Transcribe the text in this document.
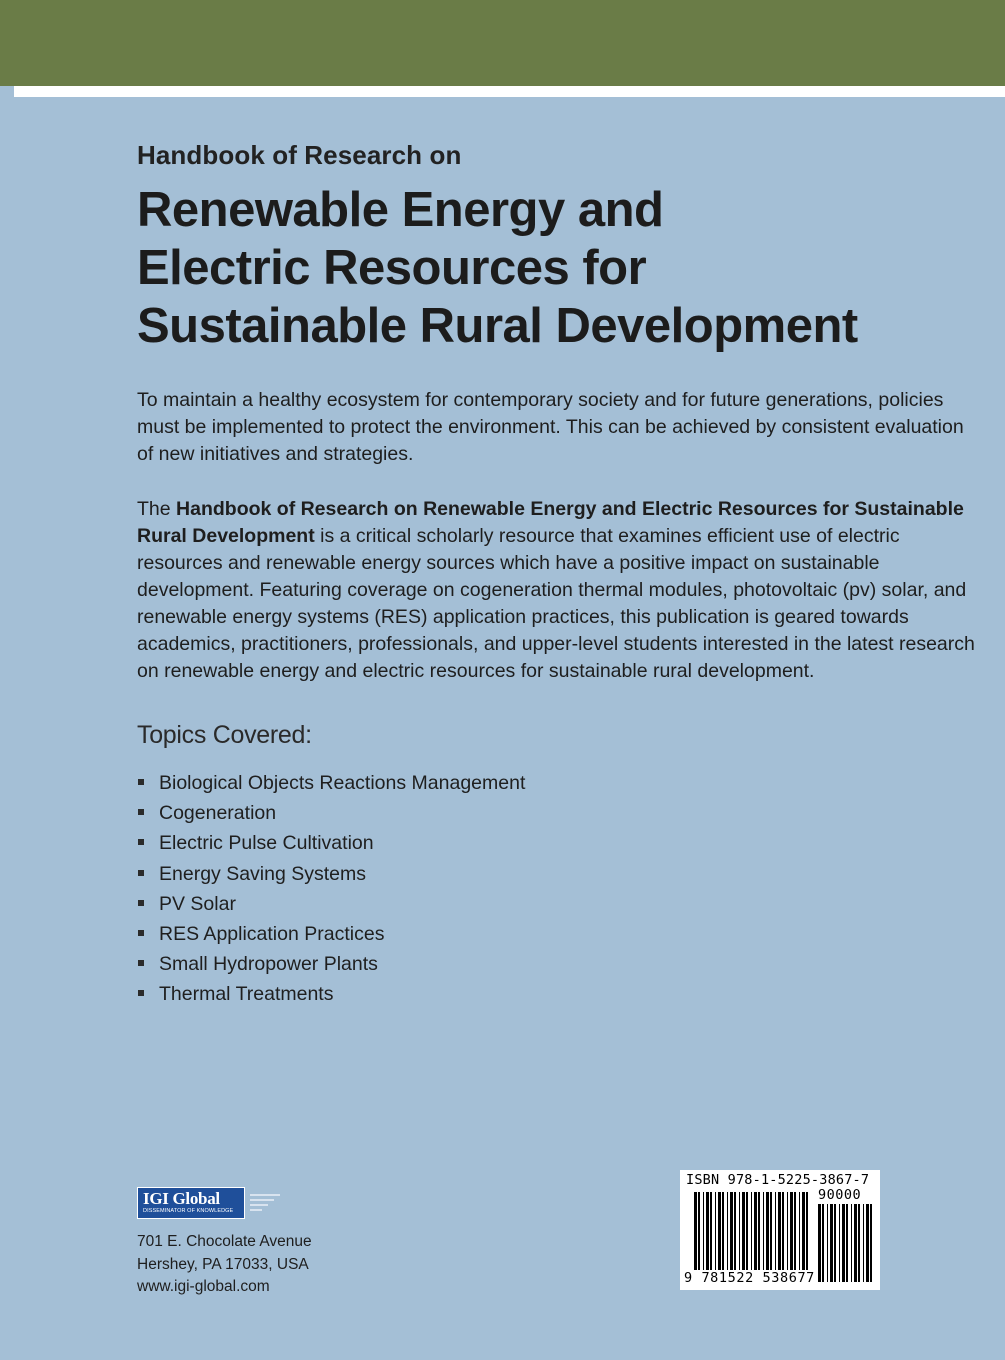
Handbook of Research on
Renewable Energy and
Electric Resources for
Sustainable Rural Development

To maintain a healthy ecosystem for contemporary society and for future generations, policies must be implemented to protect the environment. This can be achieved by consistent evaluation of new initiatives and strategies.

The Handbook of Research on Renewable Energy and Electric Resources for Sustainable Rural Development is a critical scholarly resource that examines efficient use of electric resources and renewable energy sources which have a positive impact on sustainable development. Featuring coverage on cogeneration thermal modules, photovoltaic (pv) solar, and renewable energy systems (RES) application practices, this publication is geared towards academics, practitioners, professionals, and upper-level students interested in the latest research on renewable energy and electric resources for sustainable rural development.

Topics Covered:
Biological Objects Reactions Management
Cogeneration
Electric Pulse Cultivation
Energy Saving Systems
PV Solar
RES Application Practices
Small Hydropower Plants
Thermal Treatments
IGI Global
DISSEMINATOR OF KNOWLEDGE
701 E. Chocolate Avenue
Hershey, PA 17033, USA
www.igi-global.com
ISBN 978-1-5225-3867-7
90000
9 781522 538677
